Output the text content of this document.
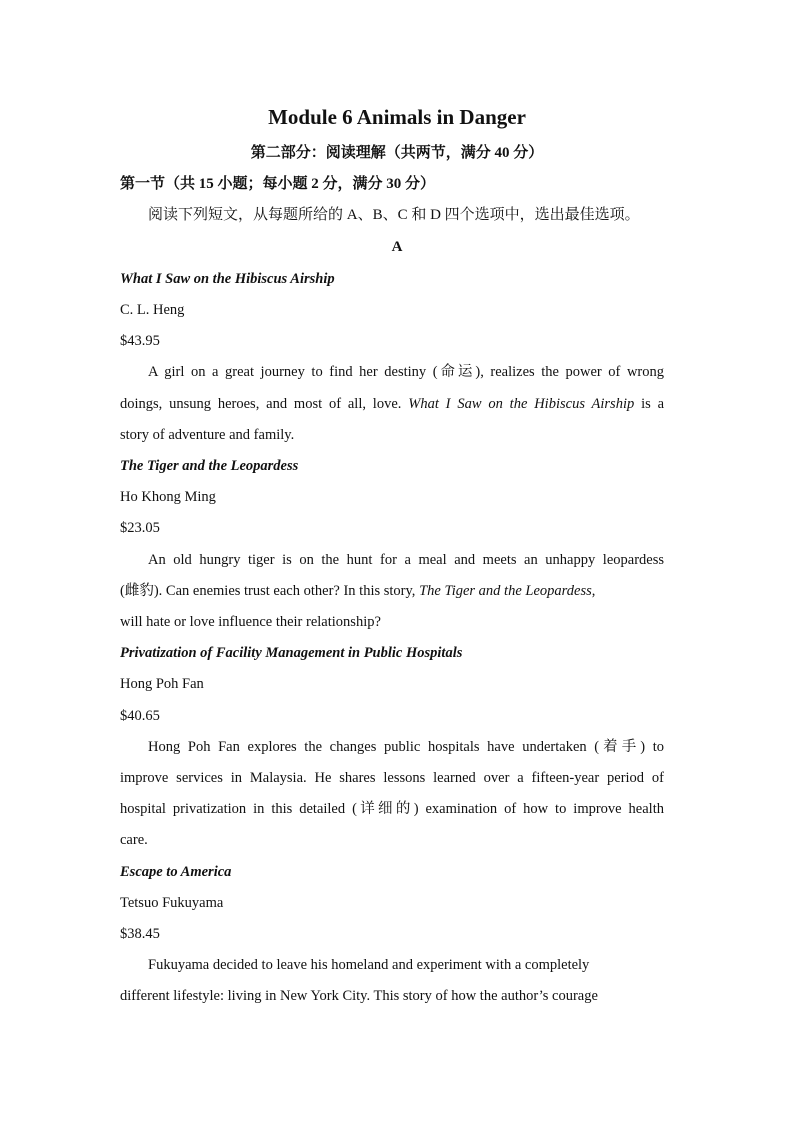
Module 6 Animals in Danger
第二部分：阅读理解（共两节，满分 40 分）
第一节（共 15 小题；每小题 2 分，满分 30 分）
阅读下列短文，从每题所给的 A、B、C 和 D 四个选项中，选出最佳选项。
A
What I Saw on the Hibiscus Airship
C. L. Heng
$43.95
A girl on a great journey to find her destiny (命运), realizes the power of wrong
doings, unsung heroes, and most of all, love. What I Saw on the Hibiscus Airship is a
story of adventure and family.
The Tiger and the Leopardess
Ho Khong Ming
$23.05
An old hungry tiger is on the hunt for a meal and meets an unhappy leopardess
(雌豹). Can enemies trust each other? In this story, The Tiger and the Leopardess,
will hate or love influence their relationship?
Privatization of Facility Management in Public Hospitals
Hong Poh Fan
$40.65
Hong Poh Fan explores the changes public hospitals have undertaken (着手) to
improve services in Malaysia. He shares lessons learned over a fifteen-year period of
hospital privatization in this detailed (详细的) examination of how to improve health
care.
Escape to America
Tetsuo Fukuyama
$38.45
Fukuyama decided to leave his homeland and experiment with a completely
different lifestyle: living in New York City. This story of how the author’s courage
